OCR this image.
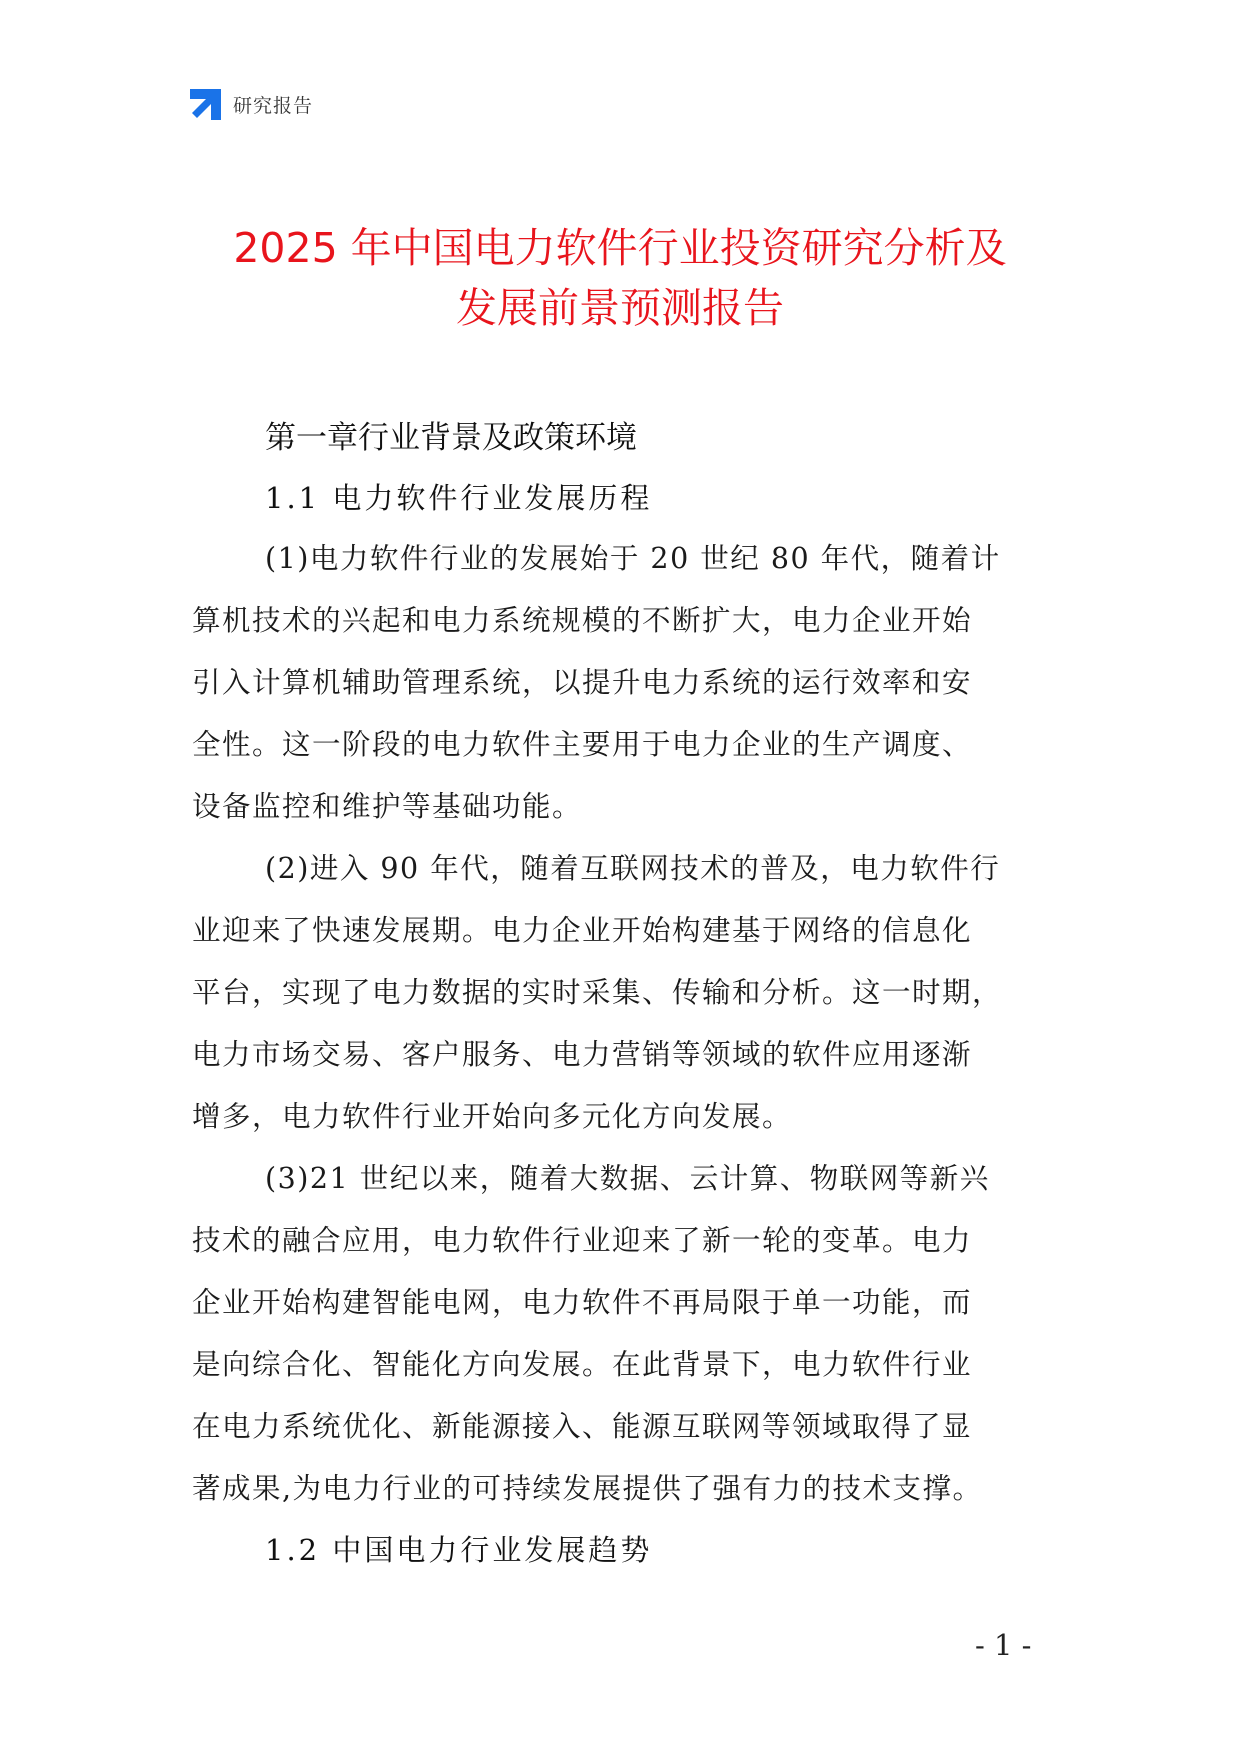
研究报告
2025 年中国电力软件行业投资研究分析及
发展前景预测报告
第一章行业背景及政策环境
1.1 电力软件行业发展历程
(1)电力软件行业的发展始于 20 世纪 80 年代，随着计
算机技术的兴起和电力系统规模的不断扩大，电力企业开始
引入计算机辅助管理系统，以提升电力系统的运行效率和安
全性。这一阶段的电力软件主要用于电力企业的生产调度、
设备监控和维护等基础功能。
(2)进入 90 年代，随着互联网技术的普及，电力软件行
业迎来了快速发展期。电力企业开始构建基于网络的信息化
平台，实现了电力数据的实时采集、传输和分析。这一时期，
电力市场交易、客户服务、电力营销等领域的软件应用逐渐
增多，电力软件行业开始向多元化方向发展。
(3)21 世纪以来，随着大数据、云计算、物联网等新兴
技术的融合应用，电力软件行业迎来了新一轮的变革。电力
企业开始构建智能电网，电力软件不再局限于单一功能，而
是向综合化、智能化方向发展。在此背景下，电力软件行业
在电力系统优化、新能源接入、能源互联网等领域取得了显
著成果,为电力行业的可持续发展提供了强有力的技术支撑。
1.2 中国电力行业发展趋势
- 1 -
